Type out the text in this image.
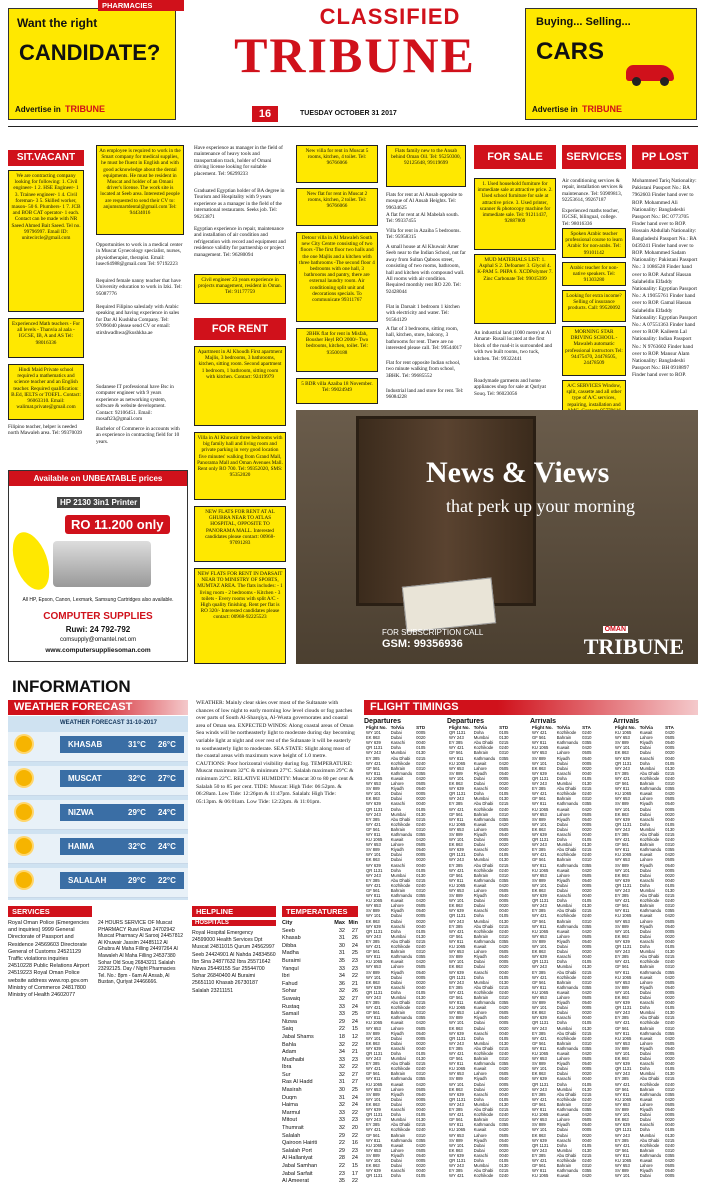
Want the right
CANDIDATE?
Advertise in TRIBUNE
CLASSIFIED
TRIBUNE
16	TUESDAY OCTOBER 31 2017
Buying... Selling...
CARS
Advertise in TRIBUNE
SIT.VACANT
We are contracting company looking for following: 1. Civil engineer- 1 2. HSE Engineer- 1 3. Trainee engineer- 1 4. Civil foreman- 3 5. Skilled worker, mason- 50 6. Plumbers- 1 7. JCB and BOB CAT operator- 1 each. Contact can be made with NR Saeed Ahmed Bait Saeed. Tel no. 99796997. Email ID: unitecircle@gmail.com
Experienced Math teachers - For all levels - Thanvia al aala - IGCSE, IB, A and AS Tel: 98016336
Hindi Maid Private school required a mathematics and science teacher and an English teacher. Required qualification: B.Ed, IELTS or TOEFL. Contact: 96063310. Email: walimat.private@gmail.com
Filipino teacher, helper is needed north Mawaleh area. Tel: 99370039
Available on UNBEATABLE prices
HP 2130 3in1 Printer
RO 11.200 only
All HP, Epson, Canon, Lexmark, Samsung Cartridges also available.
COMPUTER SUPPLIES
Ruwi: 24 792-792
comsupply@omantel.net.om
www.computersuppliesoman.com
An employee is required to work in the Smart company for medical supplies, he must be fluent in English and with good acknowledge about the dental equipments. He must be resident in Muscat and holder of an Omani driver's license. The work site is located at Seeb area. Interested people are requested to send their CV to: anjumsmartdental@gmail.com Tel: 94434016
Opportunities to work in a medical center in Muscat Gynecology specialist, nurses, physiotherapist, therapist. Email: lusec64988@gmail.com Tel: 97192223
Required female nanny teacher that have University education to work in Izki. Tel: 95087776
Required Filipino saleslady with Arabic speaking and having experience in sales for Dar Al Kushkha Company. Tel: 97096040 please send CV or email: stirshwadhwa@kushkha.ae
Sudanese IT professional have Bsc in computer engineer with 9 years experience as networking system, software & website development. Contact: 92106451. Email: mosaft23@gmail.com
Bachelor of Commerce in accounts with an experience in contracting field for 10 years.
Have experience as manager in the field of maintenance of heavy tools and transportation track, holder of Omani driving license looking for suitable placement. Tel: 96299233
Graduated Egyptian holder of BA degree in Tourism and Hospitality with 9 years experience as a manager in the field of the international restaurants. Seeks job. Tel: 96213871
Egyptian experience in repair, maintenance and installation of air condition and refrigeration with record and equipment and residence validity for partnership or project management. Tel: 96280094
Civil engineer 23 years experience in projects management, resident in Oman. Tel: 91177759
FOR RENT
Apartment in Al Khoudh First apartment Majlis, 3 bedrooms, 3 bathrooms, kitchen, sitting room. Second apartment 1 bedroom, 1 bathroom, sitting room with kitchen. Contact: 92419979
Villa in Al Khuwair three bedrooms with big family hall and living room and private parking in very good location five minutes' walking from Grand Mall, Panorama Mall and Oman Avenues Mall. Rent only RO 700. Tel: 99352020, SMS: 95352020
NEW FLATS FOR RENT AT AL GHUBRA NEAR TO ATLAS HOSPITAL, OPPOSITE TO PANORAMA MALL. Interested candidates please contact: 00968- 97091283
NEW FLATS FOR RENT IN DARSAIT NEAR TO MINISTRY OF SPORTS, MUMTAZ AREA. The flats includes: - 1 living room - 2 bedrooms - Kitchen - 3 toilets - Every rooms with split A/C - High quality finishing. Rent per flat is RO 320/- Interested candidates please contact: 00968-92225523
New villa for rent in Muscat 5 rooms, kitchen, 4 toilet. Tel: 96766066
New flat for rent in Muscat 2 rooms, kitchen, 2 toilet. Tel: 96766066
Detour villa in Al Mawaleh South new City Centre consisting of two floors -The first floor two halls and the one Majlis and a kitchen with three bathrooms -The second floor 4 bedrooms with one hall, 3 bathrooms and pantry, there are external laundry room. Air conditioning split unit and decorations specials. To communicate 99311767
2BHK flat for rent in Misfah, Bousher Heyl RO 2000/- Two bedrooms, kitchen, toilet. Tel: 93500188
5 BDR villa Azaiba 18 November. Tel: 99024949
Flats family new to the Ansab behind Oman Oil. Tel: 95250300, 92125648, 99119699
Flats for rent at Al Ansab opposite to mosque of Al Ansab Heights. Tel: 99634625
A flat for rent at Al Mabelah south. Tel: 99337455
Villa for rent in Azaiba 5 bedrooms. Tel: 95958315
A small house at Al Khuwair Amer Seeb near to the Indian School, not far away from Sultan Qaboos street, consisting of two rooms, bathroom, hall and kitchen with compound wall. All rooms with air condition. Required monthly rent RO 220. Tel: 92428044
Flat in Darsait 1 bedroom 1 kitchen with electricity and water. Tel: 91564129
A flat of 3 bedrooms, sitting room, hall, kitchen, store, balcony, 3 bathrooms for rent. There are no interested please call. Tel: 99544017
Flat for rent opposite Indian school, two minute walking from school, 3BHK. Tel: 99685552
Industrial land and store for rent. Tel: 96084228
FOR SALE
1. Used household furniture for immediate sale at attractive price. 2. Used school furniture for sale at attractive price. 3. Used printer, scanner & photocopy machine for immediate sale. Tel: 91211437, 92887809
MUD MATERIALS LIST: 1. Asphal S 2. Defoamer 3. Glycol 4. K-PAM 5. PHPA 6. XCDPolymer 7. Zinc Carbonate Tel: 99015399
An industrial land (1000 metre) at Al Amarat- Rusail located at the first block of the road-it is surrounded and with two built rooms, two tuck, kitchen. Tel: 99322441
Roadymade garments and home appliances shop for sale at Qurlyat Souq. Tel: 96023056
SERVICES
Air conditioning services & repair, installation services & maintenance. Tel: 93909813, 92253614, 99267187
Experienced maths teacher, IGCSE, bilingual, college. Tel: 98016336
Spoken Arabic teacher professional course to learn Arabic for non-arabs. Tel: 99101142
Arabic teacher for non-native speakers. Tel: 91303280
Looking for extra income? Selling of insurance products. Call: 99520092
MORNING STAR DRIVING SCHOOL -Mawaleh automatic professional instructors Tel: 94475470, 24478505, 24478509
A/C SERVICES Window, split, cassette and all other type of A/C services, repairing, installation and
PP LOST
Mohammed Tariq Nationality: Pakistani Passport No.: BA 7962603 Finder hand over to ROP. Mohammed Ali Nationality: Bangladeshi Passport No.: BC 0773705 Finder hand over to ROP. Hossain Abdullah Nationality: Bangladeshi Passport No.: BA 0439241 Finder hand over to ROP. Mohammed Sadam Nationality: Pakistani Passport No.: 3 1086528 Finder hand over to ROP. Ashraf Hassan Salaheldin Elfaddy Nationality: Egyptian Passport No.: A 19055761 Finder hand over to ROP. Gamal Hassan Salaheldin Elfaddy Nationality: Egyptian Passport No.: A 07551363 Finder hand over to ROP. Kaileem Lal Nationality: Indian Passport No.: N 9763602 Finder hand over to ROP. Mansur Alam Nationality: Bangladeshi Passport No.: BH 0918897 Finder hand over to ROP.
News & Views
that perk up your morning
FOR SUBSCRIPTION CALL
GSM: 99356936
OMAN
TRIBUNE
INFORMATION
WEATHER FORECAST
WEATHER FORECAST 31-10-2017
WEATHER: Mainly clear skies over most of the Sultanate with chances of low night to early morning low level clouds or fog patches over parts of South Al-Sharqiya, Al-Wusta governorates and coastal area of Oman sea. EXPECTED WINDS: Along coastal areas of Oman Sea winds will be northeasterly light to moderate during day becoming variable light at night and over rest of the Sultanate it will be easterly to southeasterly light to moderate. SEA STATE: Slight along most of the coastal areas with maximum wave height of 1.0 metre. CAUTIONS: Poor horizontal visibility during fog. TEMPERATURE: Muscat maximum 32°C & minimum 27°C. Salalah maximum 29°C & minimum 22°C. RELATIVE HUMIDITY: Muscat 30 to 80 per cent & Salalah 50 to 85 per cent. TIDE: Muscat: High Tide: 06:52pm. & 06:28am. Low Tide: 12:26pm & 11:47pm. Salalah: High Tide: 05:13pm. & 06:01am. Low Tide: 12:22pm. & 11:01pm.
FLIGHT TIMINGS
Departures
Flight No.	To/Via	STD
WY 101	Dubai	0005
EK 863	Dubai	0020
WY 639	Karachi	0040
QR 1131	Doha	0105
WY 243	Mumbai	0130
EY 385	Abu Dhabi	0215
WY 421	Kozhikode	0240
GF 561	Bahrain	0310
WY 811	Kathmandu	0355
KU 1065	Kuwait	0420
WY 653	Lahore	0505
SV 889	Riyadh	0540
WY 101	Dubai	0005
EK 863	Dubai	0020
WY 639	Karachi	0040
QR 1131	Doha	0105
WY 243	Mumbai	0130
EY 385	Abu Dhabi	0215
WY 421	Kozhikode	0240
GF 561	Bahrain	0310
WY 811	Kathmandu	0355
KU 1065	Kuwait	0420
WY 653	Lahore	0505
SV 889	Riyadh	0540
WY 101	Dubai	0005
EK 863	Dubai	0020
WY 639	Karachi	0040
QR 1131	Doha	0105
WY 243	Mumbai	0130
EY 385	Abu Dhabi	0215
WY 421	Kozhikode	0240
GF 561	Bahrain	0310
WY 811	Kathmandu	0355
KU 1065	Kuwait	0420
WY 653	Lahore	0505
SV 889	Riyadh	0540
WY 101	Dubai	0005
EK 863	Dubai	0020
WY 639	Karachi	0040
QR 1131	Doha	0105
WY 243	Mumbai	0130
EY 385	Abu Dhabi	0215
WY 421	Kozhikode	0240
GF 561	Bahrain	0310
WY 811	Kathmandu	0355
KU 1065	Kuwait	0420
WY 653	Lahore	0505
SV 889	Riyadh	0540
WY 101	Dubai	0005
EK 863	Dubai	0020
WY 639	Karachi	0040
QR 1131	Doha	0105
WY 243	Mumbai	0130
EY 385	Abu Dhabi	0215
WY 421	Kozhikode	0240
GF 561	Bahrain	0310
WY 811	Kathmandu	0355
KU 1065	Kuwait	0420
WY 653	Lahore	0505
SV 889	Riyadh	0540
WY 101	Dubai	0005
EK 863	Dubai	0020
WY 639	Karachi	0040
QR 1131	Doha	0105
WY 243	Mumbai	0130
EY 385	Abu Dhabi	0215
WY 421	Kozhikode	0240
GF 561	Bahrain	0310
WY 811	Kathmandu	0355
KU 1065	Kuwait	0420
WY 653	Lahore	0505
SV 889	Riyadh	0540
WY 101	Dubai	0005
EK 863	Dubai	0020
WY 639	Karachi	0040
QR 1131	Doha	0105
WY 243	Mumbai	0130
EY 385	Abu Dhabi	0215
WY 421	Kozhikode	0240
GF 561	Bahrain	0310
WY 811	Kathmandu	0355
KU 1065	Kuwait	0420
WY 653	Lahore	0505
SV 889	Riyadh	0540
WY 101	Dubai	0005
EK 863	Dubai	0020
WY 639	Karachi	0040
QR 1131	Doha	0105
Departures
Flight No.	To/Via	STD
QR 1131	Doha	0105
WY 243	Mumbai	0130
EY 385	Abu Dhabi	0215
WY 421	Kozhikode	0240
GF 561	Bahrain	0310
WY 811	Kathmandu	0355
KU 1065	Kuwait	0420
WY 653	Lahore	0505
SV 889	Riyadh	0540
WY 101	Dubai	0005
EK 863	Dubai	0020
WY 639	Karachi	0040
QR 1131	Doha	0105
WY 243	Mumbai	0130
EY 385	Abu Dhabi	0215
WY 421	Kozhikode	0240
GF 561	Bahrain	0310
WY 811	Kathmandu	0355
KU 1065	Kuwait	0420
WY 653	Lahore	0505
SV 889	Riyadh	0540
WY 101	Dubai	0005
EK 863	Dubai	0020
WY 639	Karachi	0040
QR 1131	Doha	0105
WY 243	Mumbai	0130
EY 385	Abu Dhabi	0215
WY 421	Kozhikode	0240
GF 561	Bahrain	0310
WY 811	Kathmandu	0355
KU 1065	Kuwait	0420
WY 653	Lahore	0505
SV 889	Riyadh	0540
WY 101	Dubai	0005
EK 863	Dubai	0020
WY 639	Karachi	0040
QR 1131	Doha	0105
WY 243	Mumbai	0130
EY 385	Abu Dhabi	0215
WY 421	Kozhikode	0240
GF 561	Bahrain	0310
WY 811	Kathmandu	0355
KU 1065	Kuwait	0420
WY 653	Lahore	0505
SV 889	Riyadh	0540
WY 101	Dubai	0005
EK 863	Dubai	0020
WY 639	Karachi	0040
QR 1131	Doha	0105
WY 243	Mumbai	0130
EY 385	Abu Dhabi	0215
WY 421	Kozhikode	0240
GF 561	Bahrain	0310
WY 811	Kathmandu	0355
KU 1065	Kuwait	0420
WY 653	Lahore	0505
SV 889	Riyadh	0540
WY 101	Dubai	0005
EK 863	Dubai	0020
WY 639	Karachi	0040
QR 1131	Doha	0105
WY 243	Mumbai	0130
EY 385	Abu Dhabi	0215
WY 421	Kozhikode	0240
GF 561	Bahrain	0310
WY 811	Kathmandu	0355
KU 1065	Kuwait	0420
WY 653	Lahore	0505
SV 889	Riyadh	0540
WY 101	Dubai	0005
EK 863	Dubai	0020
WY 639	Karachi	0040
QR 1131	Doha	0105
WY 243	Mumbai	0130
EY 385	Abu Dhabi	0215
WY 421	Kozhikode	0240
GF 561	Bahrain	0310
WY 811	Kathmandu	0355
KU 1065	Kuwait	0420
WY 653	Lahore	0505
SV 889	Riyadh	0540
WY 101	Dubai	0005
EK 863	Dubai	0020
WY 639	Karachi	0040
QR 1131	Doha	0105
WY 243	Mumbai	0130
EY 385	Abu Dhabi	0215
WY 421	Kozhikode	0240
Arrivals
Flight No.	To/Via	STA
WY 421	Kozhikode	0240
GF 561	Bahrain	0310
WY 811	Kathmandu	0355
KU 1065	Kuwait	0420
WY 653	Lahore	0505
SV 889	Riyadh	0540
WY 101	Dubai	0005
EK 863	Dubai	0020
WY 639	Karachi	0040
QR 1131	Doha	0105
WY 243	Mumbai	0130
EY 385	Abu Dhabi	0215
WY 421	Kozhikode	0240
GF 561	Bahrain	0310
WY 811	Kathmandu	0355
KU 1065	Kuwait	0420
WY 653	Lahore	0505
SV 889	Riyadh	0540
WY 101	Dubai	0005
EK 863	Dubai	0020
WY 639	Karachi	0040
QR 1131	Doha	0105
WY 243	Mumbai	0130
EY 385	Abu Dhabi	0215
WY 421	Kozhikode	0240
GF 561	Bahrain	0310
WY 811	Kathmandu	0355
KU 1065	Kuwait	0420
WY 653	Lahore	0505
SV 889	Riyadh	0540
WY 101	Dubai	0005
EK 863	Dubai	0020
WY 639	Karachi	0040
QR 1131	Doha	0105
WY 243	Mumbai	0130
EY 385	Abu Dhabi	0215
WY 421	Kozhikode	0240
GF 561	Bahrain	0310
WY 811	Kathmandu	0355
KU 1065	Kuwait	0420
WY 653	Lahore	0505
SV 889	Riyadh	0540
WY 101	Dubai	0005
EK 863	Dubai	0020
WY 639	Karachi	0040
QR 1131	Doha	0105
WY 243	Mumbai	0130
EY 385	Abu Dhabi	0215
WY 421	Kozhikode	0240
GF 561	Bahrain	0310
WY 811	Kathmandu	0355
KU 1065	Kuwait	0420
WY 653	Lahore	0505
SV 889	Riyadh	0540
WY 101	Dubai	0005
EK 863	Dubai	0020
WY 639	Karachi	0040
QR 1131	Doha	0105
WY 243	Mumbai	0130
EY 385	Abu Dhabi	0215
WY 421	Kozhikode	0240
GF 561	Bahrain	0310
WY 811	Kathmandu	0355
KU 1065	Kuwait	0420
WY 653	Lahore	0505
SV 889	Riyadh	0540
WY 101	Dubai	0005
EK 863	Dubai	0020
WY 639	Karachi	0040
QR 1131	Doha	0105
WY 243	Mumbai	0130
EY 385	Abu Dhabi	0215
WY 421	Kozhikode	0240
GF 561	Bahrain	0310
WY 811	Kathmandu	0355
KU 1065	Kuwait	0420
WY 653	Lahore	0505
SV 889	Riyadh	0540
WY 101	Dubai	0005
EK 863	Dubai	0020
WY 639	Karachi	0040
QR 1131	Doha	0105
WY 243	Mumbai	0130
EY 385	Abu Dhabi	0215
WY 421	Kozhikode	0240
GF 561	Bahrain	0310
WY 811	Kathmandu	0355
KU 1065	Kuwait	0420
Arrivals
Flight No.	To/Via	STA
KU 1065	Kuwait	0420
WY 653	Lahore	0505
SV 889	Riyadh	0540
WY 101	Dubai	0005
EK 863	Dubai	0020
WY 639	Karachi	0040
QR 1131	Doha	0105
WY 243	Mumbai	0130
EY 385	Abu Dhabi	0215
WY 421	Kozhikode	0240
GF 561	Bahrain	0310
WY 811	Kathmandu	0355
KU 1065	Kuwait	0420
WY 653	Lahore	0505
SV 889	Riyadh	0540
WY 101	Dubai	0005
EK 863	Dubai	0020
WY 639	Karachi	0040
QR 1131	Doha	0105
WY 243	Mumbai	0130
EY 385	Abu Dhabi	0215
WY 421	Kozhikode	0240
GF 561	Bahrain	0310
WY 811	Kathmandu	0355
KU 1065	Kuwait	0420
WY 653	Lahore	0505
SV 889	Riyadh	0540
WY 101	Dubai	0005
EK 863	Dubai	0020
WY 639	Karachi	0040
QR 1131	Doha	0105
WY 243	Mumbai	0130
EY 385	Abu Dhabi	0215
WY 421	Kozhikode	0240
GF 561	Bahrain	0310
WY 811	Kathmandu	0355
KU 1065	Kuwait	0420
WY 653	Lahore	0505
SV 889	Riyadh	0540
WY 101	Dubai	0005
EK 863	Dubai	0020
WY 639	Karachi	0040
QR 1131	Doha	0105
WY 243	Mumbai	0130
EY 385	Abu Dhabi	0215
WY 421	Kozhikode	0240
GF 561	Bahrain	0310
WY 811	Kathmandu	0355
KU 1065	Kuwait	0420
WY 653	Lahore	0505
SV 889	Riyadh	0540
WY 101	Dubai	0005
EK 863	Dubai	0020
WY 639	Karachi	0040
QR 1131	Doha	0105
WY 243	Mumbai	0130
EY 385	Abu Dhabi	0215
WY 421	Kozhikode	0240
GF 561	Bahrain	0310
WY 811	Kathmandu	0355
KU 1065	Kuwait	0420
WY 653	Lahore	0505
SV 889	Riyadh	0540
WY 101	Dubai	0005
EK 863	Dubai	0020
WY 639	Karachi	0040
QR 1131	Doha	0105
WY 243	Mumbai	0130
EY 385	Abu Dhabi	0215
WY 421	Kozhikode	0240
GF 561	Bahrain	0310
WY 811	Kathmandu	0355
KU 1065	Kuwait	0420
WY 653	Lahore	0505
SV 889	Riyadh	0540
WY 101	Dubai	0005
EK 863	Dubai	0020
WY 639	Karachi	0040
QR 1131	Doha	0105
WY 243	Mumbai	0130
EY 385	Abu Dhabi	0215
WY 421	Kozhikode	0240
GF 561	Bahrain	0310
WY 811	Kathmandu	0355
KU 1065	Kuwait	0420
WY 653	Lahore	0505
SV 889	Riyadh	0540
WY 101	Dubai	0005
SERVICES
Royal Oman Police (Emergencies and inquiries) 9999 General Directorate of Passport and Residence 24569603 Directorate General of Customs 24521129 Traffic violations inquiries 24510228 Public Relations Airport 24519223 Royal Oman Police website address www.rop.gov.om Ministry of Commerce 24817800 Ministry of Health 24602077
PHARMACIES
24 HOURS SERVICE OF Muscat PHARMACY Ruwi Ruwi 24702942 Muscat Pharmacy Al Sarooj 24457812 Al Khuwair Jassim 24485112 Al Ghubra Al Maha Filling 24497264 Al Mawaleh Al Maha Filling 24537380 Sohar Old Souq 26843211 Salalah 23292125. Day / Night Pharmacies Tel. No.: 8pm - 6am Al Ansab, Al Bustan, Quriyat 24466666.
HELPLINE
HOSPITALS
Royal Hospital Emergency 24599000 Health Services Dpt Muscat 24811015 Qurum 24562997 Seeb 24424901 Al Nahda 24834560 Ibn Sina 24877632 Ibra 25571642 Nizwa 25449155 Sur 25544700 Sohar 26840400 Al Buraimi 25651110 Khasab 26730187 Salalah 23211151
TEMPERATURES
City	Max	Min
Seeb	32	27
Khasab	31	26
Dibba	30	24
Madha	31	25
Buraimi	35	23
Yanqul	33	23
Ibri	34	22
Fahud	36	21
Sohar	32	26
Suwaiq	32	27
Rustaq	33	24
Samail	33	25
Nizwa	29	24
Saiq	22	15
Jabal Shams	18	12
Bahla	32	22
Adam	34	21
Mudhaibi	33	23
Ibra	32	22
Sur	32	27
Ras Al Hadd	31	27
Masirah	30	25
Duqm	31	24
Haima	32	24
Marmul	33	22
Mitout	33	23
Thumrait	32	20
Salalah	29	22
Qairoon Hairiti	22	16
Salalah Port	29	23
Al Hallaniyat	28	24
Jabal Samhan	22	15
Jabal Sarfait	23	17
Al Ameerat	35	22
KHASAB	31°C 26°C
MUSCAT	32°C 27°C
NIZWA	29°C 24°C
HAIMA	32°C 24°C
SALALAH	29°C 22°C
